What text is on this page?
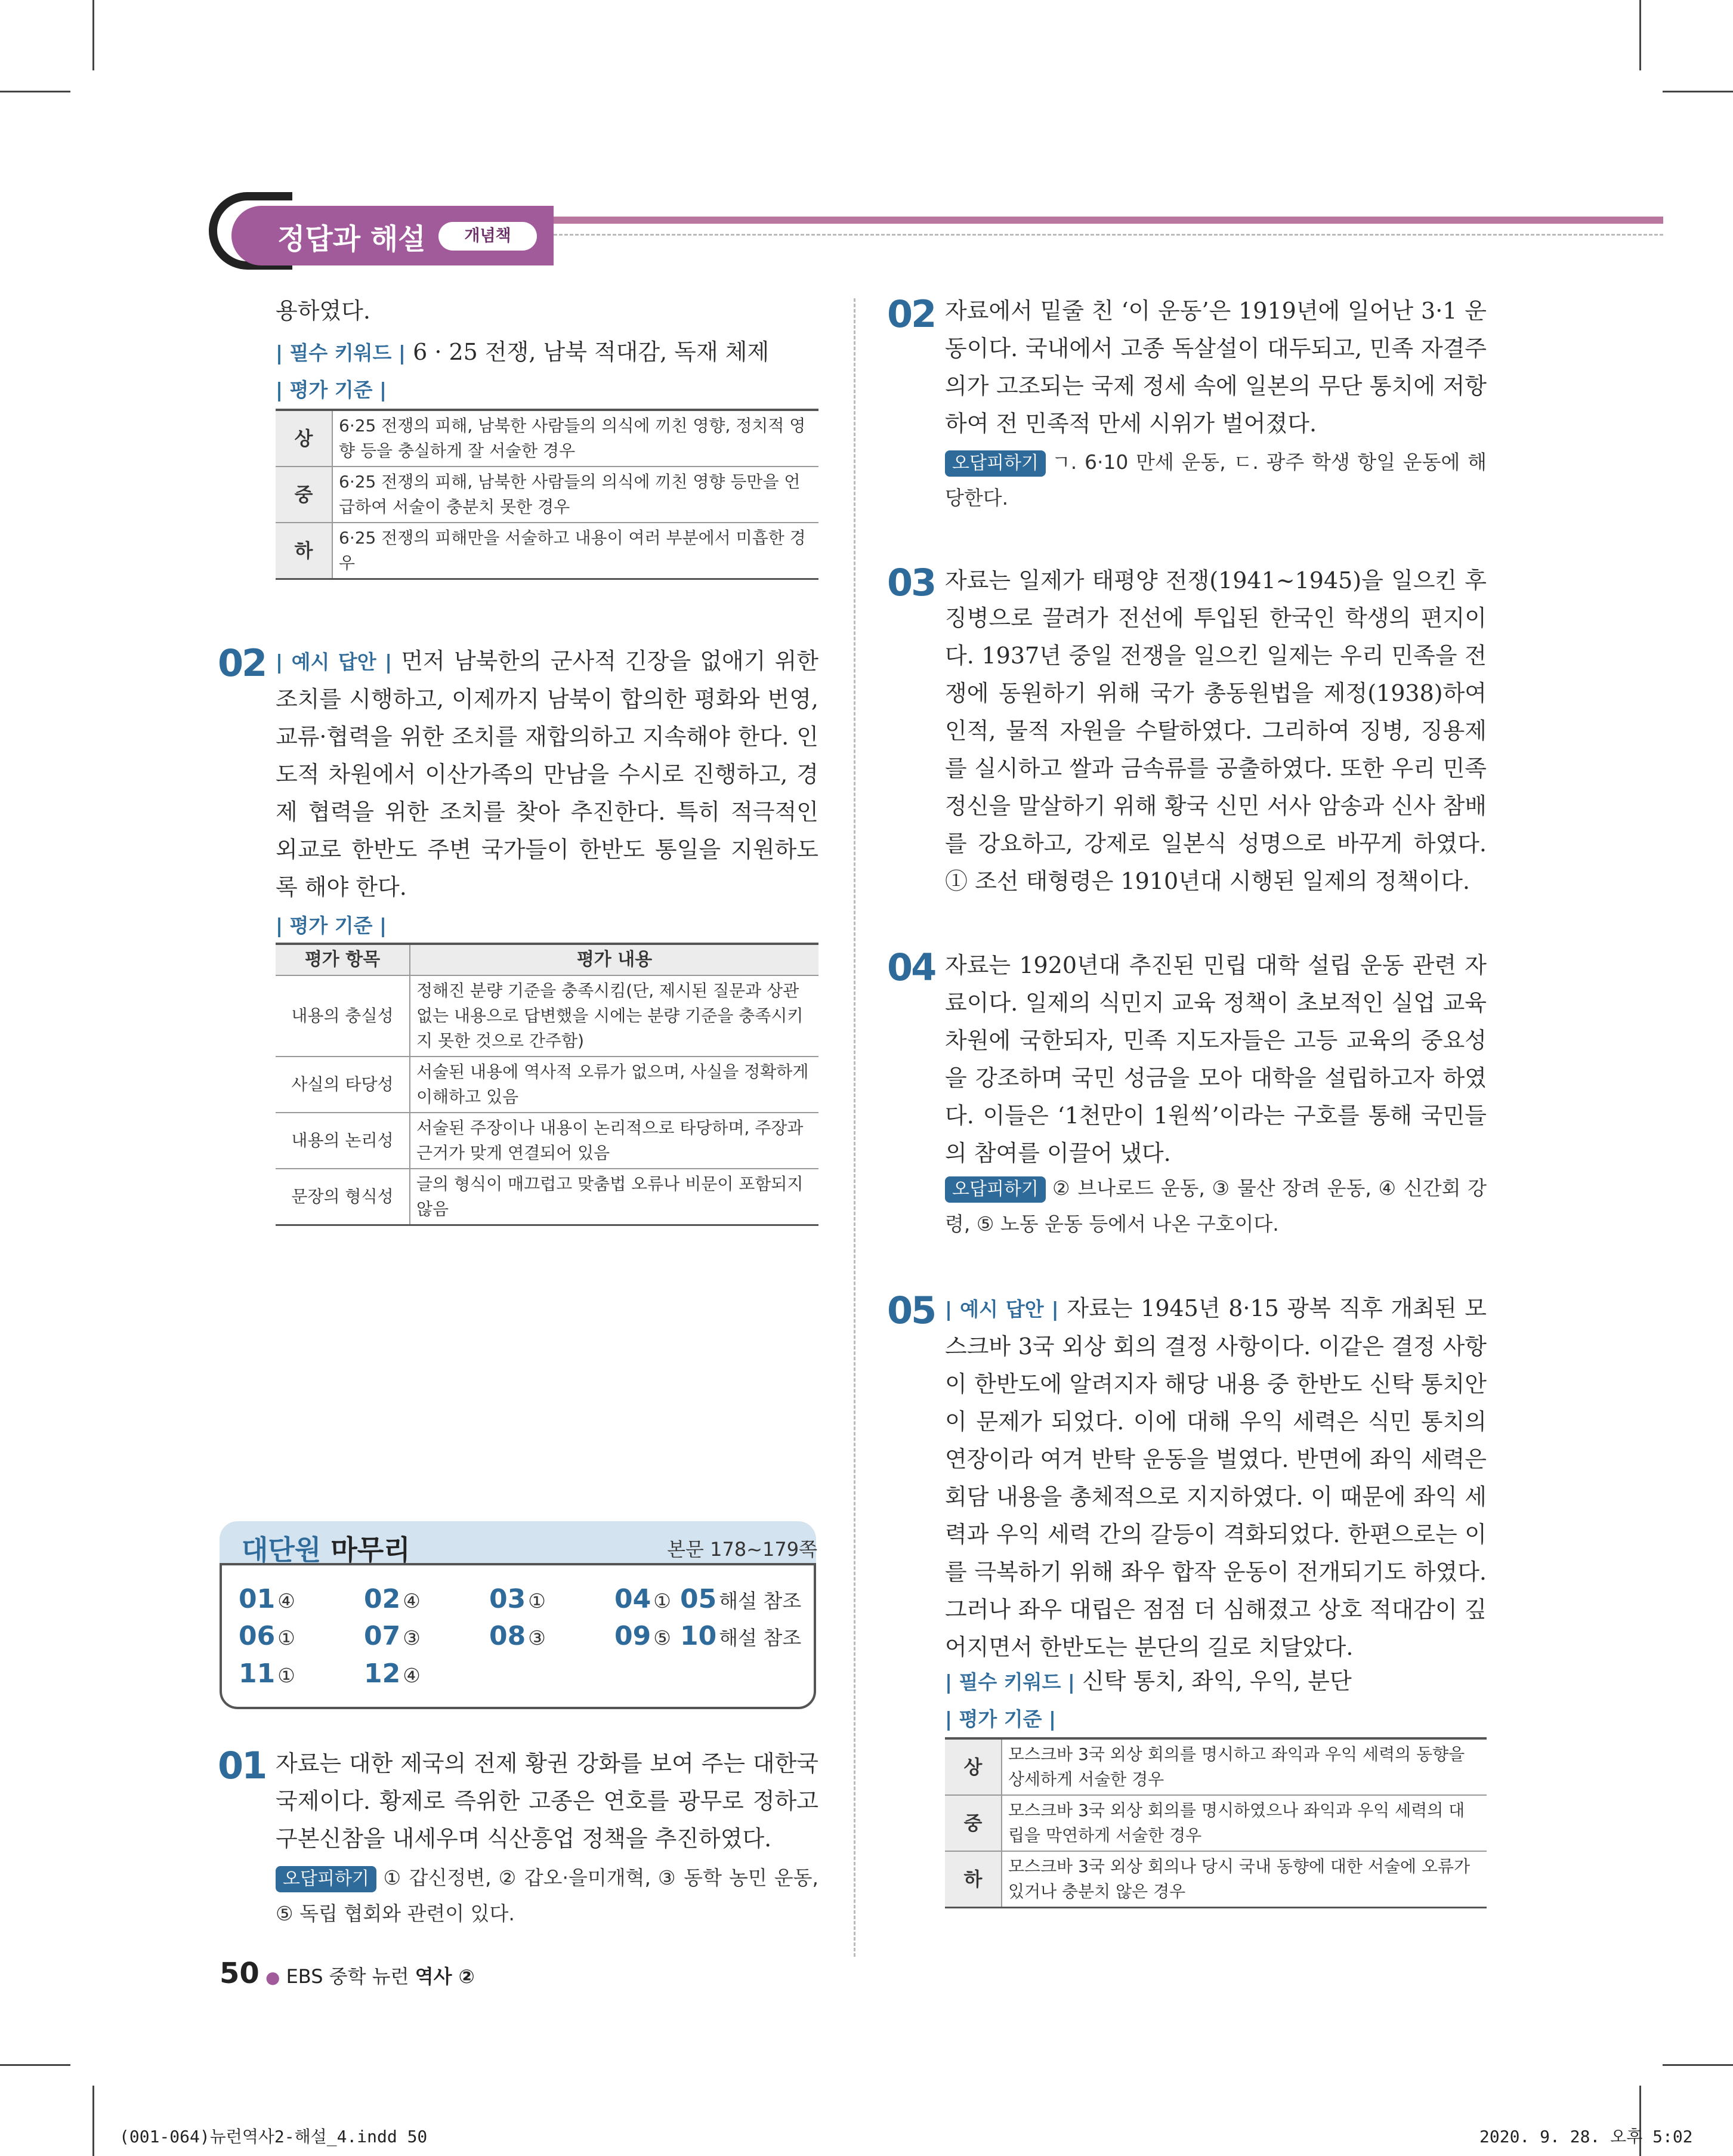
정답과 해설	개념책
용하였다.
| 필수 키워드 | 6 · 25 전쟁, 남북 적대감, 독재 체제
| 평가 기준 |
상	6·25 전쟁의 피해, 남북한 사람들의 의식에 끼친 영향, 정치적 영향 등을 충실하게 잘 서술한 경우
중	6·25 전쟁의 피해, 남북한 사람들의 의식에 끼친 영향 등만을 언급하여 서술이 충분치 못한 경우
하	6·25 전쟁의 피해만을 서술하고 내용이 여러 부분에서 미흡한 경우
02 | 예시 답안 | 먼저 남북한의 군사적 긴장을 없애기 위한 조치를 시행하고, 이제까지 남북이 합의한 평화와 번영, 교류·협력을 위한 조치를 재합의하고 지속해야 한다. 인도적 차원에서 이산가족의 만남을 수시로 진행하고, 경제 협력을 위한 조치를 찾아 추진한다. 특히 적극적인 외교로 한반도 주변 국가들이 한반도 통일을 지원하도록 해야 한다.
| 평가 기준 |
평가 항목	평가 내용
내용의 충실성	정해진 분량 기준을 충족시킴(단, 제시된 질문과 상관없는 내용으로 답변했을 시에는 분량 기준을 충족시키지 못한 것으로 간주함)
사실의 타당성	서술된 내용에 역사적 오류가 없으며, 사실을 정확하게 이해하고 있음
내용의 논리성	서술된 주장이나 내용이 논리적으로 타당하며, 주장과 근거가 맞게 연결되어 있음
문장의 형식성	글의 형식이 매끄럽고 맞춤법 오류나 비문이 포함되지 않음
대단원 마무리	본문 178~179쪽
01 ④	02 ④	03 ①	04 ① 05 해설 참조
06 ①	07 ③	08 ③	09 ⑤ 10 해설 참조
11 ①	12 ④
01 자료는 대한 제국의 전제 황권 강화를 보여 주는 대한국 국제이다. 황제로 즉위한 고종은 연호를 광무로 정하고 구본신참을 내세우며 식산흥업 정책을 추진하였다.
오답피하기 ① 갑신정변, ② 갑오·을미개혁, ③ 동학 농민 운동, ⑤ 독립 협회와 관련이 있다.
02 자료에서 밑줄 친 ‘이 운동’은 1919년에 일어난 3·1 운동이다. 국내에서 고종 독살설이 대두되고, 민족 자결주의가 고조되는 국제 정세 속에 일본의 무단 통치에 저항하여 전 민족적 만세 시위가 벌어졌다.
오답피하기 ㄱ. 6·10 만세 운동, ㄷ. 광주 학생 항일 운동에 해당한다.
03 자료는 일제가 태평양 전쟁(1941~1945)을 일으킨 후 징병으로 끌려가 전선에 투입된 한국인 학생의 편지이다. 1937년 중일 전쟁을 일으킨 일제는 우리 민족을 전쟁에 동원하기 위해 국가 총동원법을 제정(1938)하여 인적, 물적 자원을 수탈하였다. 그리하여 징병, 징용제를 실시하고 쌀과 금속류를 공출하였다. 또한 우리 민족 정신을 말살하기 위해 황국 신민 서사 암송과 신사 참배를 강요하고, 강제로 일본식 성명으로 바꾸게 하였다. ① 조선 태형령은 1910년대 시행된 일제의 정책이다.
04 자료는 1920년대 추진된 민립 대학 설립 운동 관련 자료이다. 일제의 식민지 교육 정책이 초보적인 실업 교육 차원에 국한되자, 민족 지도자들은 고등 교육의 중요성을 강조하며 국민 성금을 모아 대학을 설립하고자 하였다. 이들은 ‘1천만이 1원씩’이라는 구호를 통해 국민들의 참여를 이끌어 냈다.
오답피하기 ② 브나로드 운동, ③ 물산 장려 운동, ④ 신간회 강령, ⑤ 노동 운동 등에서 나온 구호이다.
05 | 예시 답안 | 자료는 1945년 8·15 광복 직후 개최된 모스크바 3국 외상 회의 결정 사항이다. 이같은 결정 사항이 한반도에 알려지자 해당 내용 중 한반도 신탁 통치안이 문제가 되었다. 이에 대해 우익 세력은 식민 통치의 연장이라 여겨 반탁 운동을 벌였다. 반면에 좌익 세력은 회담 내용을 총체적으로 지지하였다. 이 때문에 좌익 세력과 우익 세력 간의 갈등이 격화되었다. 한편으로는 이를 극복하기 위해 좌우 합작 운동이 전개되기도 하였다. 그러나 좌우 대립은 점점 더 심해졌고 상호 적대감이 깊어지면서 한반도는 분단의 길로 치달았다.
| 필수 키워드 | 신탁 통치, 좌익, 우익, 분단
| 평가 기준 |
상	모스크바 3국 외상 회의를 명시하고 좌익과 우익 세력의 동향을 상세하게 서술한 경우
중	모스크바 3국 외상 회의를 명시하였으나 좌익과 우익 세력의 대립을 막연하게 서술한 경우
하	모스크바 3국 외상 회의나 당시 국내 동향에 대한 서술에 오류가 있거나 충분치 않은 경우
50 ● EBS 중학 뉴런 역사 ②
(001-064)뉴런역사2-해설_4.indd 50	2020. 9. 28. 오후 5:02
